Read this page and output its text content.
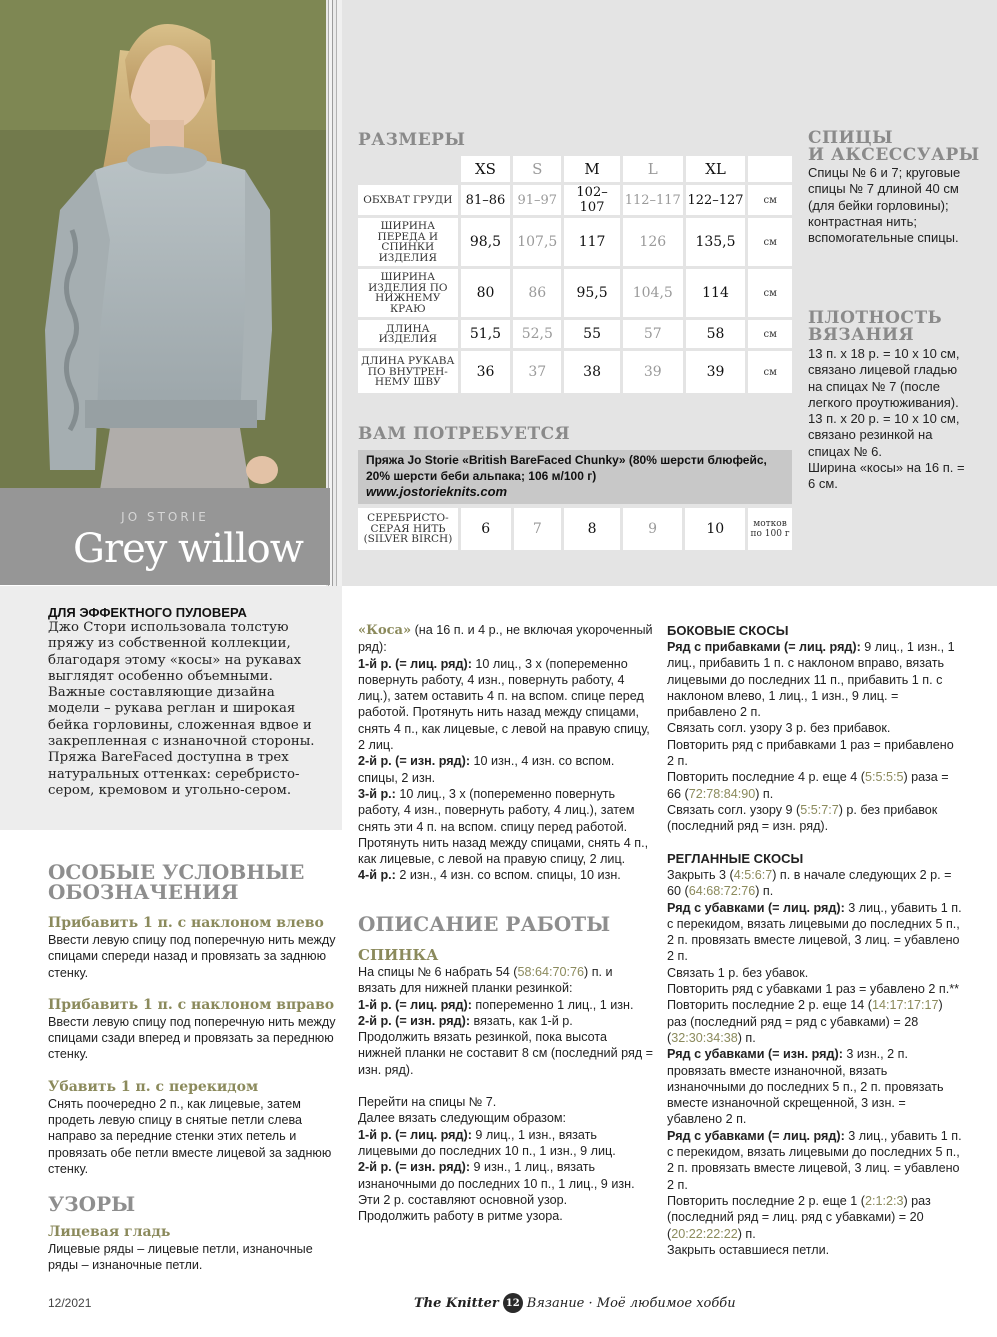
JO STORIE
Grey willow
РАЗМЕРЫ
	XS	S	M	L	XL	
ОБХВАТ ГРУДИ	81–86	91–97	102–107	112–117	122–127	см
ШИРИНА ПЕРЕДА И СПИНКИ ИЗДЕЛИЯ	98,5	107,5	117	126	135,5	см
ШИРИНА ИЗДЕЛИЯ ПО НИЖНЕМУ КРАЮ	80	86	95,5	104,5	114	см
ДЛИНА ИЗДЕЛИЯ	51,5	52,5	55	57	58	см
ДЛИНА РУКАВА ПО ВНУТРЕН-НЕМУ ШВУ	36	37	38	39	39	см
ВАМ ПОТРЕБУЕТСЯ
Пряжа Jo Storie «British BareFaced Chunky» (80% шерсти блюфейс, 20% шерсти беби альпака; 106 м/100 г)
www.jostorieknits.com
СЕРЕБРИСТО-СЕРАЯ НИТЬ (SILVER BIRCH)	6	7	8	9	10	мотков по 100 г
СПИЦЫ
И АКСЕССУАРЫ
Спицы № 6 и 7; круговые спицы № 7 длиной 40 см (для бейки горловины); контрастная нить; вспомогательные спицы.
ПЛОТНОСТЬ
ВЯЗАНИЯ

13 п. х 18 р. = 10 х 10 см, связано лицевой гладью на спицах № 7 (после легкого проутюживания).

13 п. х 20 р. = 10 х 10 см, связано резинкой на спицах № 6.

Ширина «косы» на 16 п. = 6 см.

ДЛЯ ЭФФЕКТНОГО ПУЛОВЕРА
Джо Стори использовала толстую пряжу из собственной коллекции, благодаря этому «косы» на рукавах выглядят особенно объемными. Важные составляющие дизайна модели – рукава реглан и широкая бейка горловины, сложенная вдвое и закрепленная с изнаночной стороны. Пряжа BareFaced доступна в трех натуральных оттенках: серебристо-сером, кремовом и угольно-сером.
ОСОБЫЕ УСЛОВНЫЕ
ОБОЗНАЧЕНИЯ
Прибавить 1 п. с наклоном влево
Ввести левую спицу под поперечную нить между спицами спереди назад и провязать за заднюю стенку.
Прибавить 1 п. с наклоном вправо
Ввести левую спицу под поперечную нить между спицами сзади вперед и провязать за переднюю стенку.
Убавить 1 п. с перекидом
Снять поочередно 2 п., как лицевые, затем продеть левую спицу в снятые петли слева направо за передние стенки этих петель и провязать обе петли вместе лицевой за заднюю стенку.
УЗОРЫ
Лицевая гладь
Лицевые ряды – лицевые петли, изнаночные ряды – изнаночные петли.

«Коса» (на 16 п. и 4 р., не включая укороченный ряд):

1-й р. (= лиц. ряд): 10 лиц., 3 х (попеременно повернуть работу, 4 изн., повернуть работу, 4 лиц.), затем оставить 4 п. на вспом. спице перед работой. Протянуть нить назад между спицами, снять 4 п., как лицевые, с левой на правую спицу, 2 лиц.

2-й р. (= изн. ряд): 10 изн., 4 изн. со вспом. спицы, 2 изн.

3-й р.: 10 лиц., 3 х (попеременно повернуть работу, 4 изн., повернуть работу, 4 лиц.), затем снять эти 4 п. на вспом. спицу перед работой. Протянуть нить назад между спицами, снять 4 п., как лицевые, с левой на правую спицу, 2 лиц.

4-й р.: 2 изн., 4 изн. со вспом. спицы, 10 изн.

ОПИСАНИЕ РАБОТЫ
СПИНКА

На спицы № 6 набрать 54 (58:64:70:76) п. и вязать для нижней планки резинкой:

1-й р. (= лиц. ряд): попеременно 1 лиц., 1 изн.

2-й р. (= изн. ряд): вязать, как 1-й р.

Продолжить вязать резинкой, пока высота нижней планки не составит 8 см (последний ряд = изн. ряд).

Перейти на спицы № 7.

Далее вязать следующим образом:

1-й р. (= лиц. ряд): 9 лиц., 1 изн., вязать лицевыми до последних 10 п., 1 изн., 9 лиц.

2-й р. (= изн. ряд): 9 изн., 1 лиц., вязать изнаночными до последних 10 п., 1 лиц., 9 изн.

Эти 2 р. составляют основной узор.

Продолжить работу в ритме узора.

БОКОВЫЕ СКОСЫ

Ряд с прибавками (= лиц. ряд): 9 лиц., 1 изн., 1 лиц., прибавить 1 п. с наклоном вправо, вязать лицевыми до последних 11 п., прибавить 1 п. с наклоном влево, 1 лиц., 1 изн., 9 лиц. = прибавлено 2 п.

Связать согл. узору 3 р. без прибавок.

Повторить ряд с прибавками 1 раз = прибавлено 2 п.

Повторить последние 4 р. еще 4 (5:5:5:5) раза = 66 (72:78:84:90) п.

Связать согл. узору 9 (5:5:7:7) р. без прибавок (последний ряд = изн. ряд).

РЕГЛАННЫЕ СКОСЫ

Закрыть 3 (4:5:6:7) п. в начале следующих 2 р. = 60 (64:68:72:76) п.

Ряд с убавками (= лиц. ряд): 3 лиц., убавить 1 п. с перекидом, вязать лицевыми до последних 5 п., 2 п. провязать вместе лицевой, 3 лиц. = убавлено 2 п.

Связать 1 р. без убавок.

Повторить ряд с убавками 1 раз = убавлено 2 п.**

Повторить последние 2 р. еще 14 (14:17:17:17) раз (последний ряд = ряд с убавками) = 28 (32:30:34:38) п.

Ряд с убавками (= изн. ряд): 3 изн., 2 п. провязать вместе изнаночной, вязать изнаночными до последних 5 п., 2 п. провязать вместе изнаночной скрещенной, 3 изн. = убавлено 2 п.

Ряд с убавками (= лиц. ряд): 3 лиц., убавить 1 п. с перекидом, вязать лицевыми до последних 5 п., 2 п. провязать вместе лицевой, 3 лиц. = убавлено 2 п.

Повторить последние 2 р. еще 1 (2:1:2:3) раз (последний ряд = лиц. ряд с убавками) = 20 (20:22:22:22) п.

Закрыть оставшиеся петли.

12/2021	The Knitter 12 Вязание · Моё любимое хобби
